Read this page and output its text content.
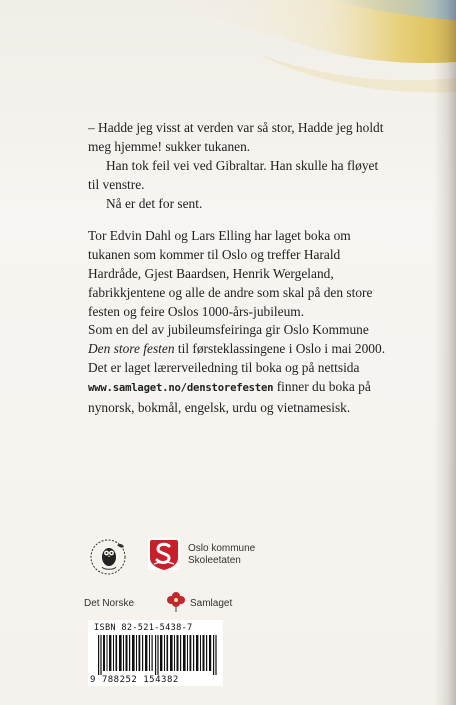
– Hadde jeg visst at verden var så stor, Hadde jeg holdt meg hjemme! sukker tukanen.

Han tok feil vei ved Gibraltar. Han skulle ha fløyet til venstre.

Nå er det for sent.

Tor Edvin Dahl og Lars Elling har laget boka om tukanen som kommer til Oslo og treffer Harald Hardråde, Gjest Baardsen, Henrik Wergeland, fabrikkjentene og alle de andre som skal på den store festen og feire Oslos 1000-års-jubileum.

Som en del av jubileumsfeiringa gir Oslo Kommune Den store festen til førsteklassingene i Oslo i mai 2000. Det er laget lærerveiledning til boka og på nettsida www.samlaget.no/denstorefesten finner du boka på nynorsk, bokmål, engelsk, urdu og vietnamesisk.

Oslo kommune
Skoleetaten
Det Norske	Samlaget
ISBN 82-521-5438-7
9 788252 154382
